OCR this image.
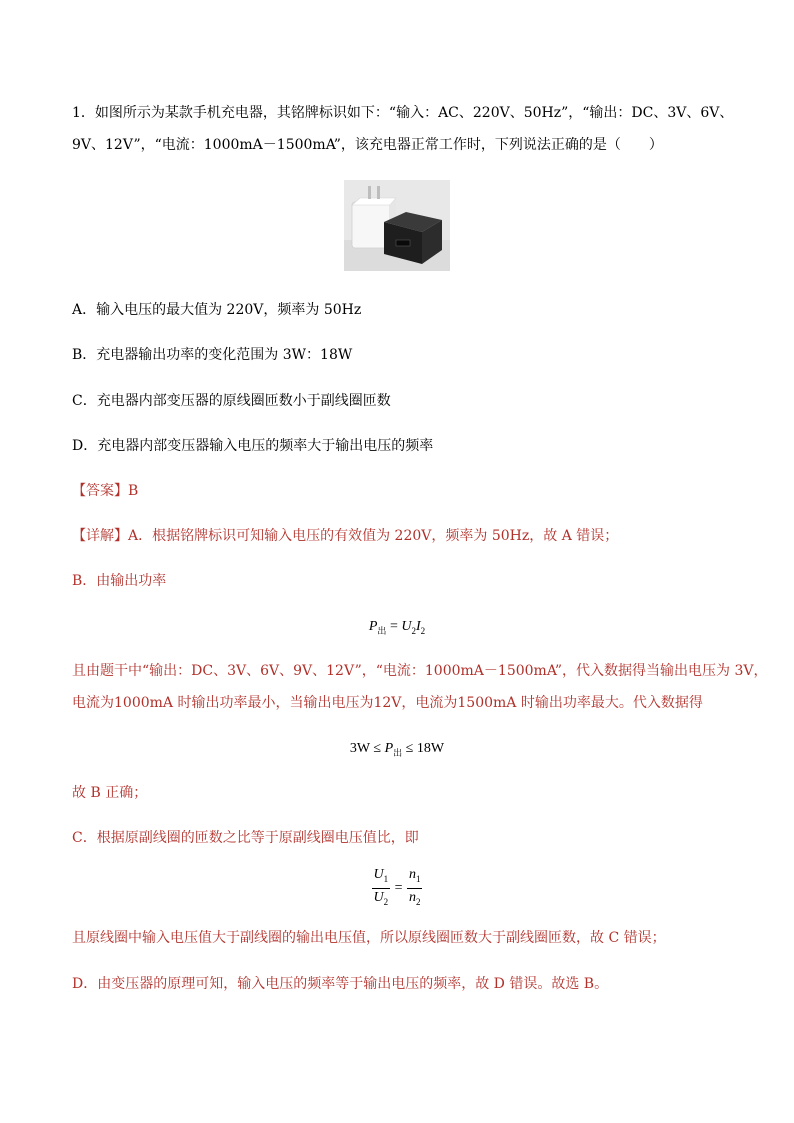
1．如图所示为某款手机充电器，其铭牌标识如下：“输入：AC、220V、50Hz”，“输出：DC、3V、6V、
9V、12V”，“电流：1000mA－1500mA”，该充电器正常工作时，下列说法正确的是（　　）
A．输入电压的最大值为 220V，频率为 50Hz
B．充电器输出功率的变化范围为 3W：18W
C．充电器内部变压器的原线圈匝数小于副线圈匝数
D．充电器内部变压器输入电压的频率大于输出电压的频率
【答案】B
【详解】A．根据铭牌标识可知输入电压的有效值为 220V，频率为 50Hz，故 A 错误；
B．由输出功率
$P_出 = U_2I_2$
且由题干中“输出：DC、3V、6V、9V、12V”，“电流：1000mA－1500mA”，代入数据得当输出电压为 3V，
电流为1000mA 时输出功率最小，当输出电压为12V，电流为1500mA 时输出功率最大。代入数据得
$3W \le P_出 \le 18W$
故 B 正确；
C．根据原副线圈的匝数之比等于原副线圈电压值比，即
$\frac{U_1}{U_2} = \frac{n_1}{n_2}$
且原线圈中输入电压值大于副线圈的输出电压值，所以原线圈匝数大于副线圈匝数，故 C 错误；
D．由变压器的原理可知，输入电压的频率等于输出电压的频率，故 D 错误。故选 B。
